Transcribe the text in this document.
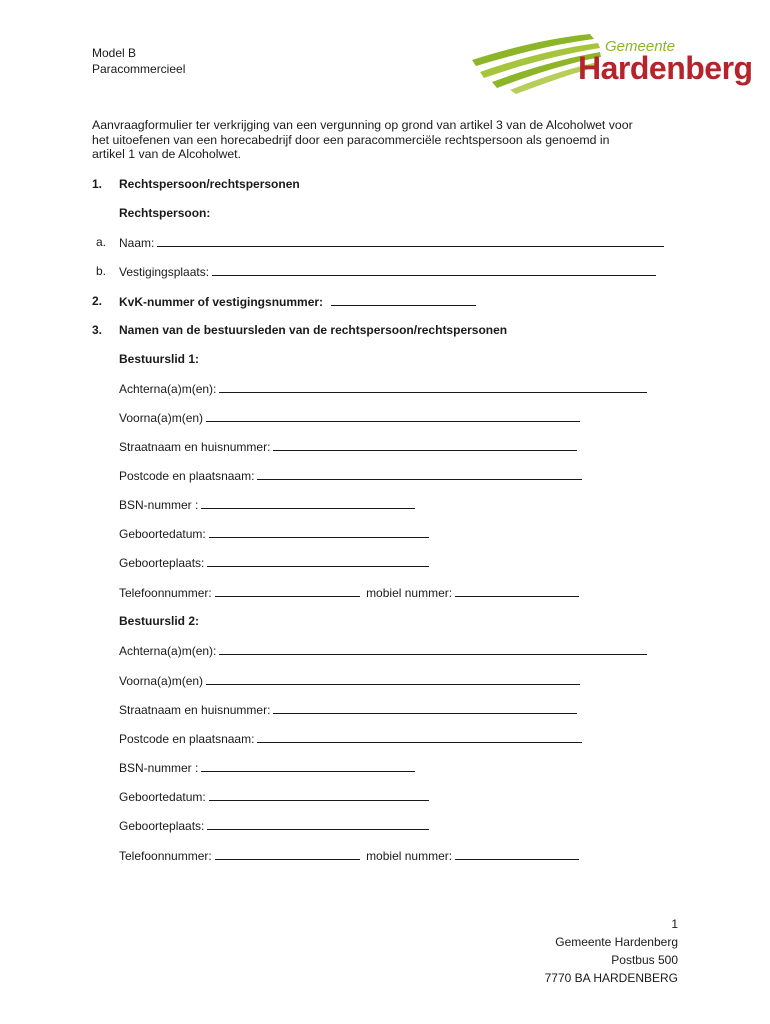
Model B
Paracommercieel
Gemeente
Hardenberg
Aanvraagformulier ter verkrijging van een vergunning op grond van artikel 3 van de Alcoholwet voor
het uitoefenen van een horecabedrijf door een paracommerciële rechtspersoon als genoemd in
artikel 1 van de Alcoholwet.
1. Rechtspersoon/rechtspersonen
Rechtspersoon:
a. Naam:
b. Vestigingsplaats:
2. KvK-nummer of vestigingsnummer:
3. Namen van de bestuursleden van de rechtspersoon/rechtspersonen
Bestuurslid 1:
Achterna(a)m(en):
Voorna(a)m(en)
Straatnaam en huisnummer:
Postcode en plaatsnaam:
BSN-nummer :
Geboortedatum:
Geboorteplaats:
Telefoonnummer:	mobiel nummer:
Bestuurslid 2:
Achterna(a)m(en):
Voorna(a)m(en)
Straatnaam en huisnummer:
Postcode en plaatsnaam:
BSN-nummer :
Geboortedatum:
Geboorteplaats:
Telefoonnummer:	mobiel nummer:
1
Gemeente Hardenberg
Postbus 500
7770 BA HARDENBERG
